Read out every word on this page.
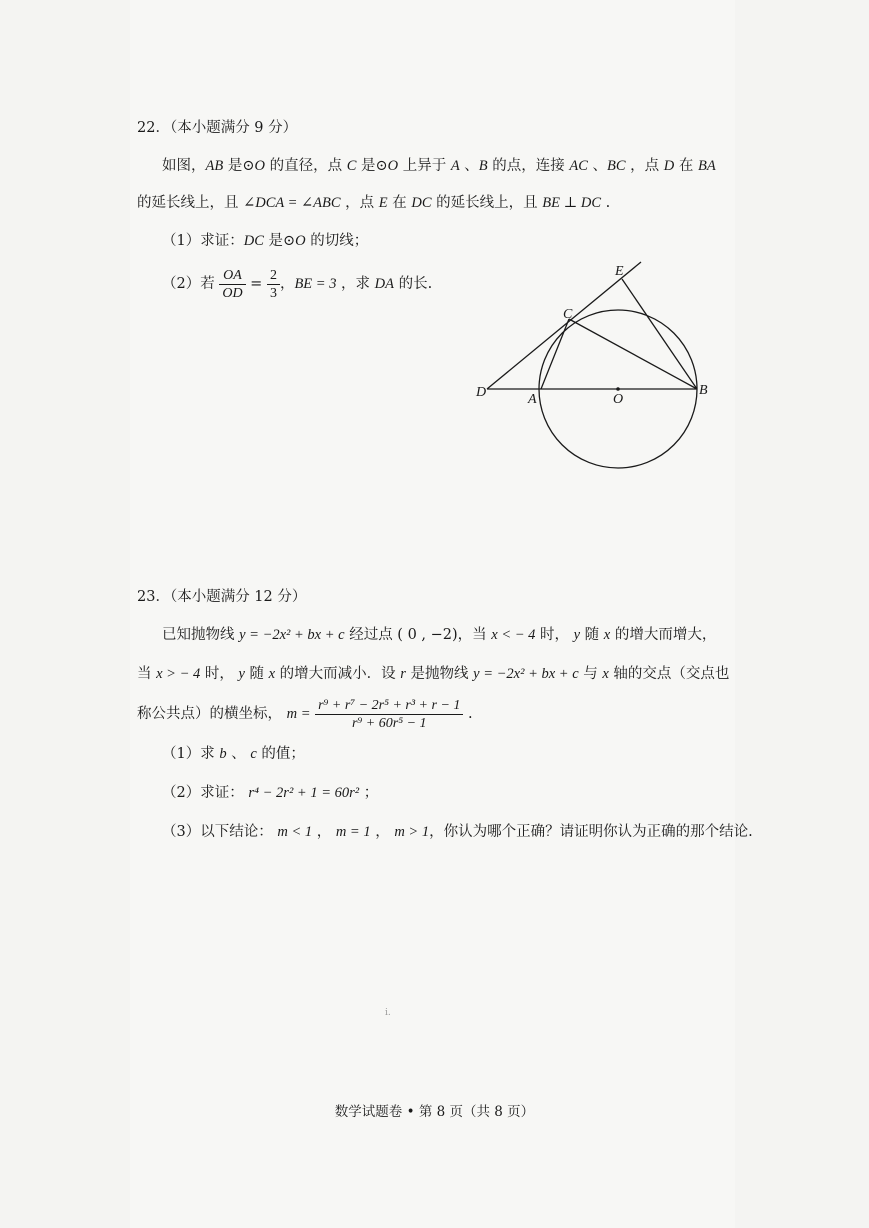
22．（本小题满分 9 分）
如图，AB 是⊙O 的直径，点 C 是⊙O 上异于 A 、B 的点，连接 AC 、BC ，点 D 在 BA
的延长线上，且 ∠DCA = ∠ABC ，点 E 在 DC 的延长线上，且 BE ⊥ DC .
（1）求证：DC 是⊙O 的切线；
（2）若 $\frac{OA}{OD} = \frac{2}{3}$ ，BE = 3 ，求 DA 的长.
D	A	O
B
C
E
23．（本小题满分 12 分）
已知抛物线 y = −2x² + bx + c 经过点 ( 0 , −2)，当 x < − 4 时， y 随 x 的增大而增大，
当 x > − 4 时， y 随 x 的增大而减小．设 r 是抛物线 y = −2x² + bx + c 与 x 轴的交点（交点也
称公共点）的横坐标， $m = \frac{\text{r⁹ + r⁷ − 2r⁵ + r³ + r − 1}}{\text{r⁹ + 60r⁵ − 1}}$ .
（1）求 b 、 c 的值；
（2）求证： r⁴ − 2r² + 1 = 60r² ；
（3）以下结论： m < 1 ， m = 1 ， m > 1，你认为哪个正确？请证明你认为正确的那个结论.
i.
数学试题卷 • 第 8 页（共 8 页）
